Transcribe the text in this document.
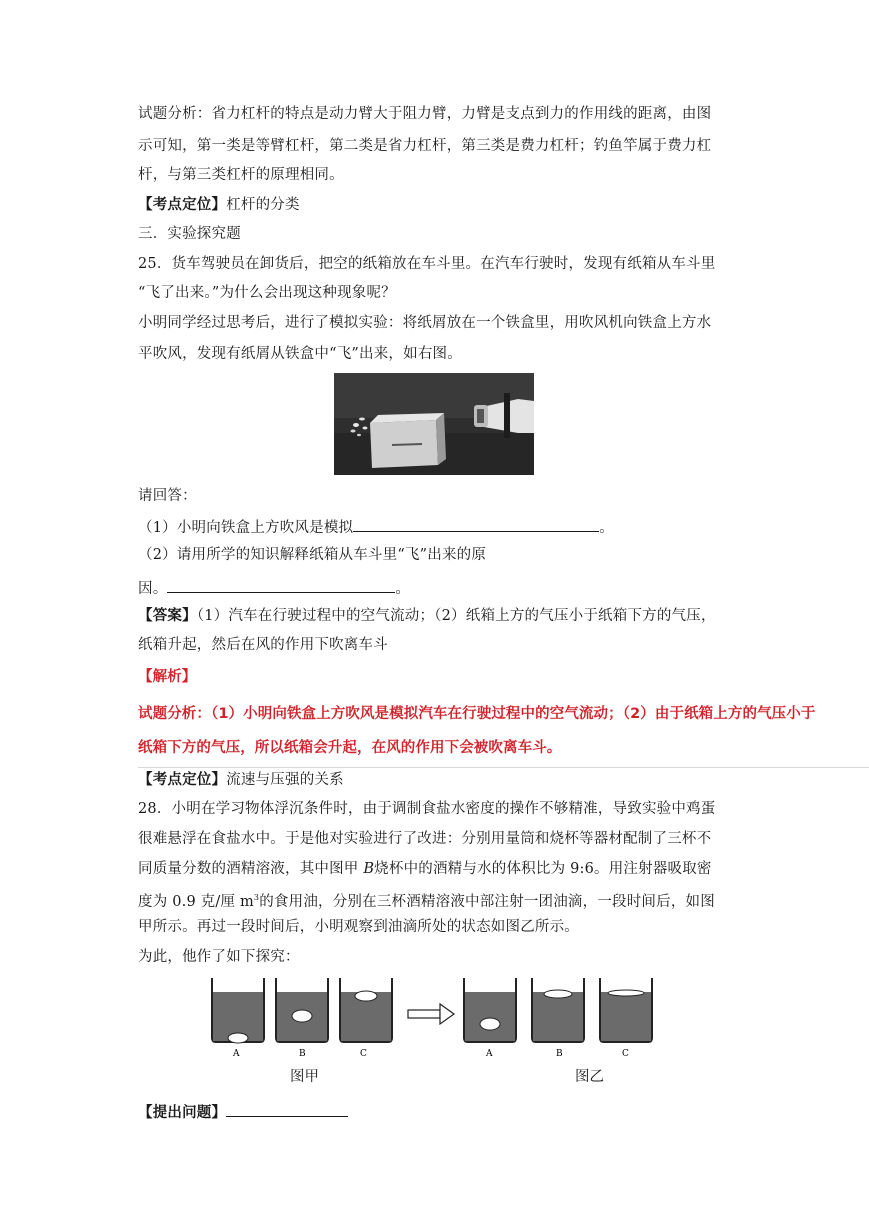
试题分析：省力杠杆的特点是动力臂大于阻力臂，力臂是支点到力的作用线的距离，由图
示可知，第一类是等臂杠杆，第二类是省力杠杆，第三类是费力杠杆；钓鱼竿属于费力杠
杆，与第三类杠杆的原理相同。
【考点定位】杠杆的分类
三．实验探究题
25．货车驾驶员在卸货后，把空的纸箱放在车斗里。在汽车行驶时，发现有纸箱从车斗里
“飞了出来。”为什么会出现这种现象呢？
小明同学经过思考后，进行了模拟实验：将纸屑放在一个铁盒里，用吹风机向铁盒上方水
平吹风，发现有纸屑从铁盒中“飞”出来，如右图。
请回答：
（1）小明向铁盒上方吹风是模拟	。
（2）请用所学的知识解释纸箱从车斗里“飞”出来的原
因。	。
【答案】（1）汽车在行驶过程中的空气流动；（2）纸箱上方的气压小于纸箱下方的气压，
纸箱升起，然后在风的作用下吹离车斗
【解析】
试题分析：（1）小明向铁盒上方吹风是模拟汽车在行驶过程中的空气流动；（2）由于纸箱上方的气压小于
纸箱下方的气压，所以纸箱会升起，在风的作用下会被吹离车斗。
【考点定位】流速与压强的关系
28．小明在学习物体浮沉条件时，由于调制食盐水密度的操作不够精准，导致实验中鸡蛋
很难悬浮在食盐水中。于是他对实验进行了改进：分别用量筒和烧杯等器材配制了三杯不
同质量分数的酒精溶液，其中图甲 B烧杯中的酒精与水的体积比为 9:6。用注射器吸取密
度为 0.9 克/厘 $m^3$的食用油，分别在三杯酒精溶液中部注射一团油滴，一段时间后，如图
甲所示。再过一段时间后，小明观察到油滴所处的状态如图乙所示。
为此，他作了如下探究：
A	B	C	A	B	C
图甲	图乙
【提出问题】
